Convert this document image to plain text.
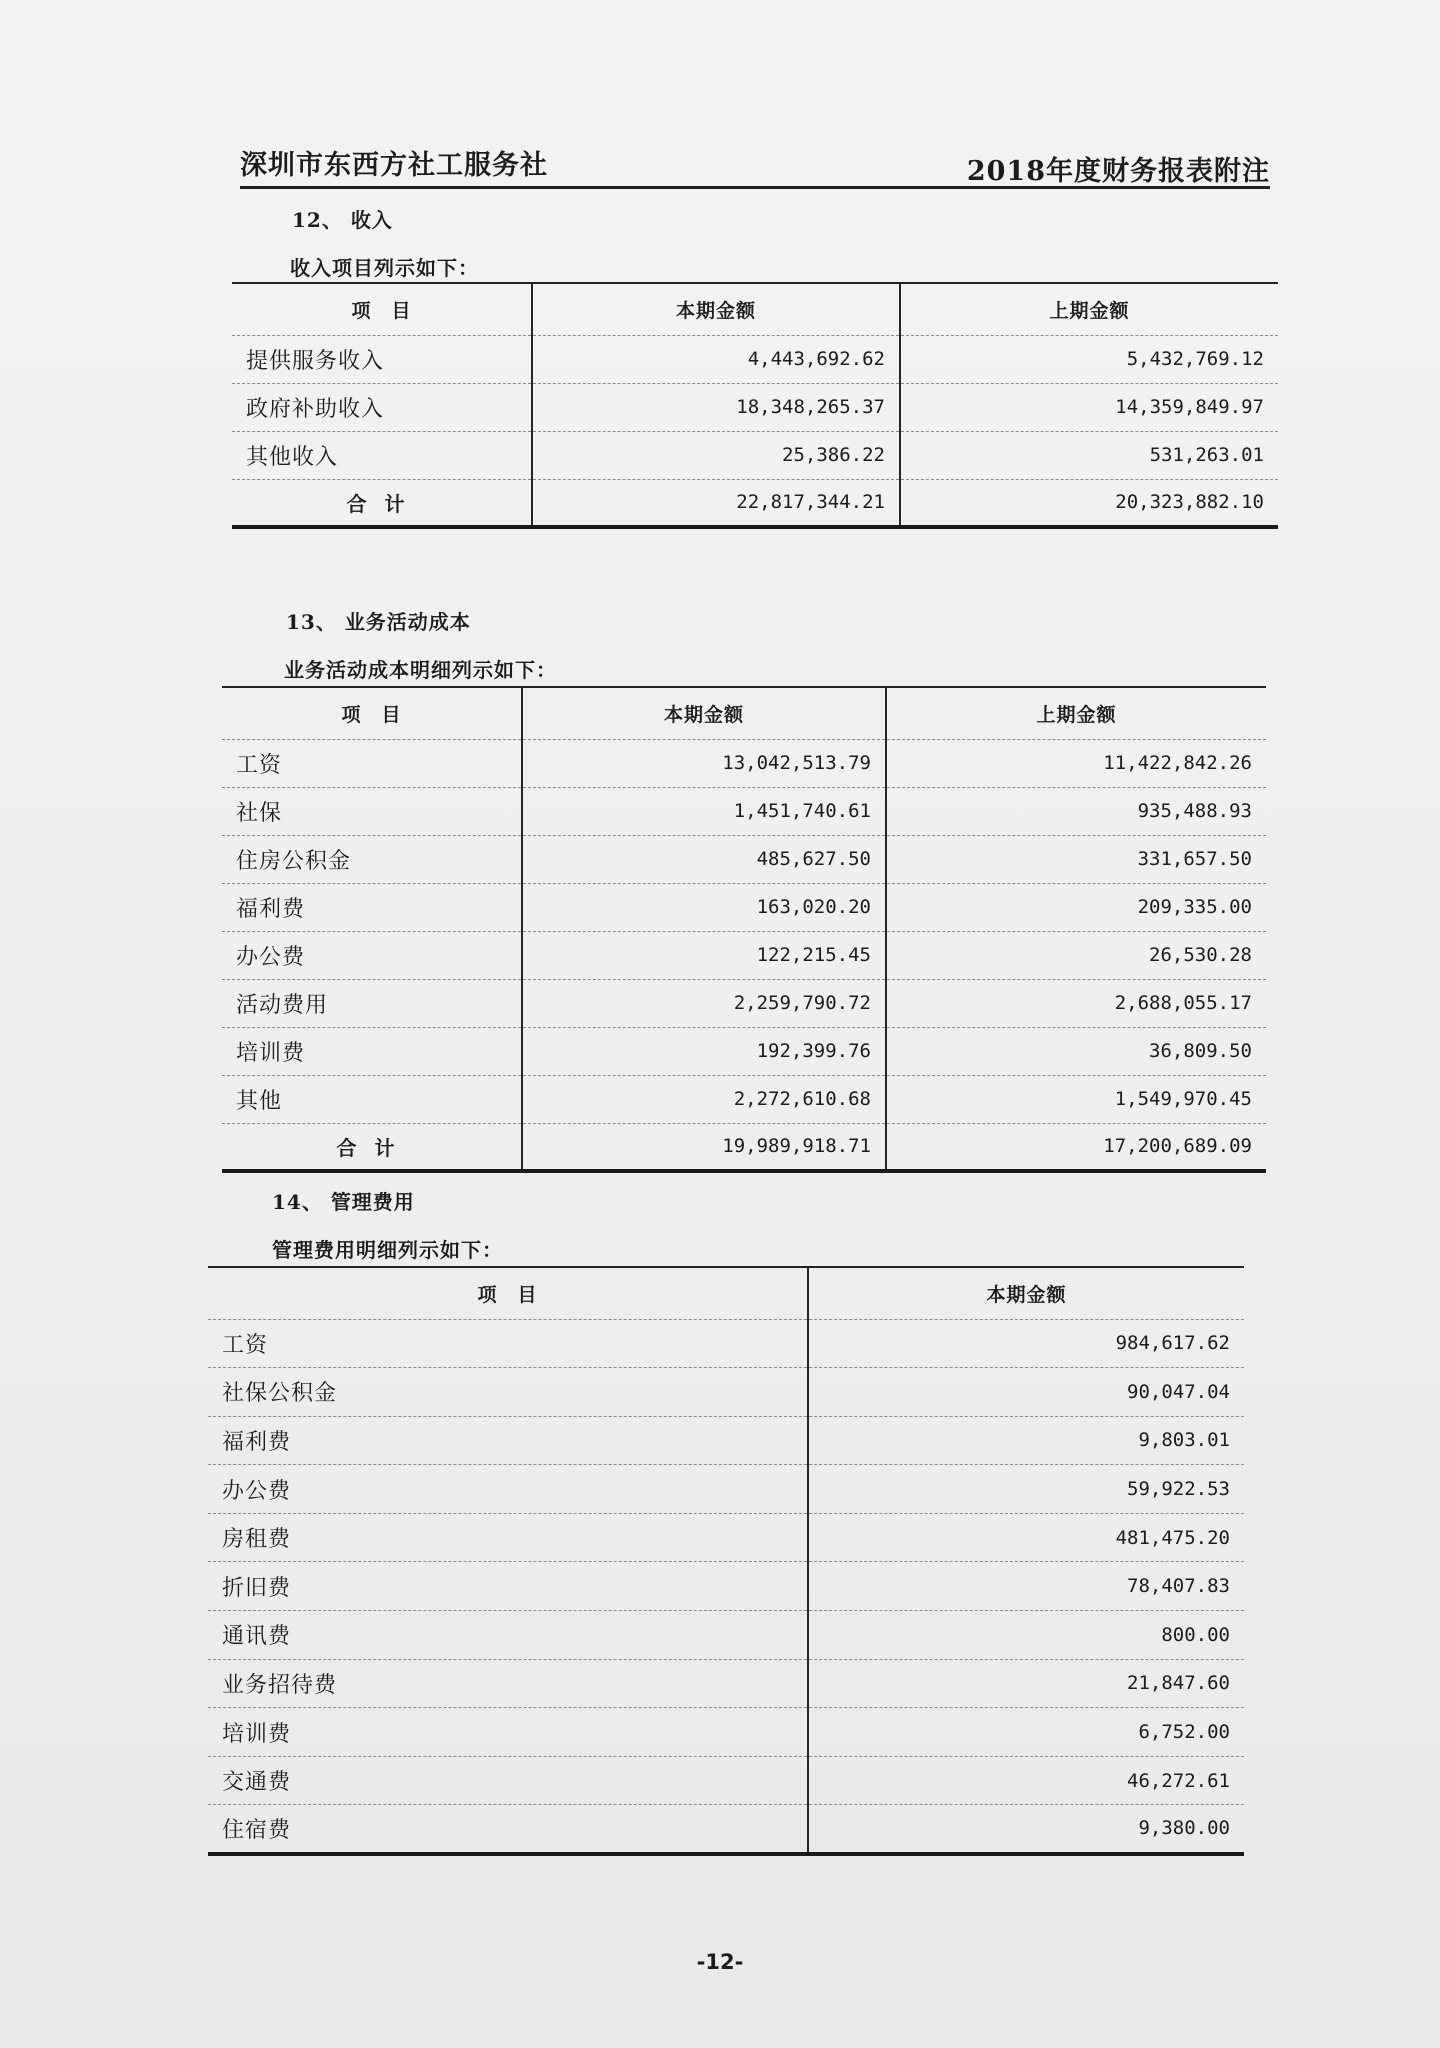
深圳市东西方社工服务社	2018年度财务报表附注
12、 收入
收入项目列示如下：
项　目	本期金额	上期金额
提供服务收入	4,443,692.62	5,432,769.12
政府补助收入	18,348,265.37	14,359,849.97
其他收入	25,386.22	531,263.01
合计	22,817,344.21	20,323,882.10
13、 业务活动成本
业务活动成本明细列示如下：
项　目	本期金额	上期金额
工资	13,042,513.79	11,422,842.26
社保	1,451,740.61	935,488.93
住房公积金	485,627.50	331,657.50
福利费	163,020.20	209,335.00
办公费	122,215.45	26,530.28
活动费用	2,259,790.72	2,688,055.17
培训费	192,399.76	36,809.50
其他	2,272,610.68	1,549,970.45
合计	19,989,918.71	17,200,689.09
14、 管理费用
管理费用明细列示如下：
项　目	本期金额
工资	984,617.62
社保公积金	90,047.04
福利费	9,803.01
办公费	59,922.53
房租费	481,475.20
折旧费	78,407.83
通讯费	800.00
业务招待费	21,847.60
培训费	6,752.00
交通费	46,272.61
住宿费	9,380.00
-12-
